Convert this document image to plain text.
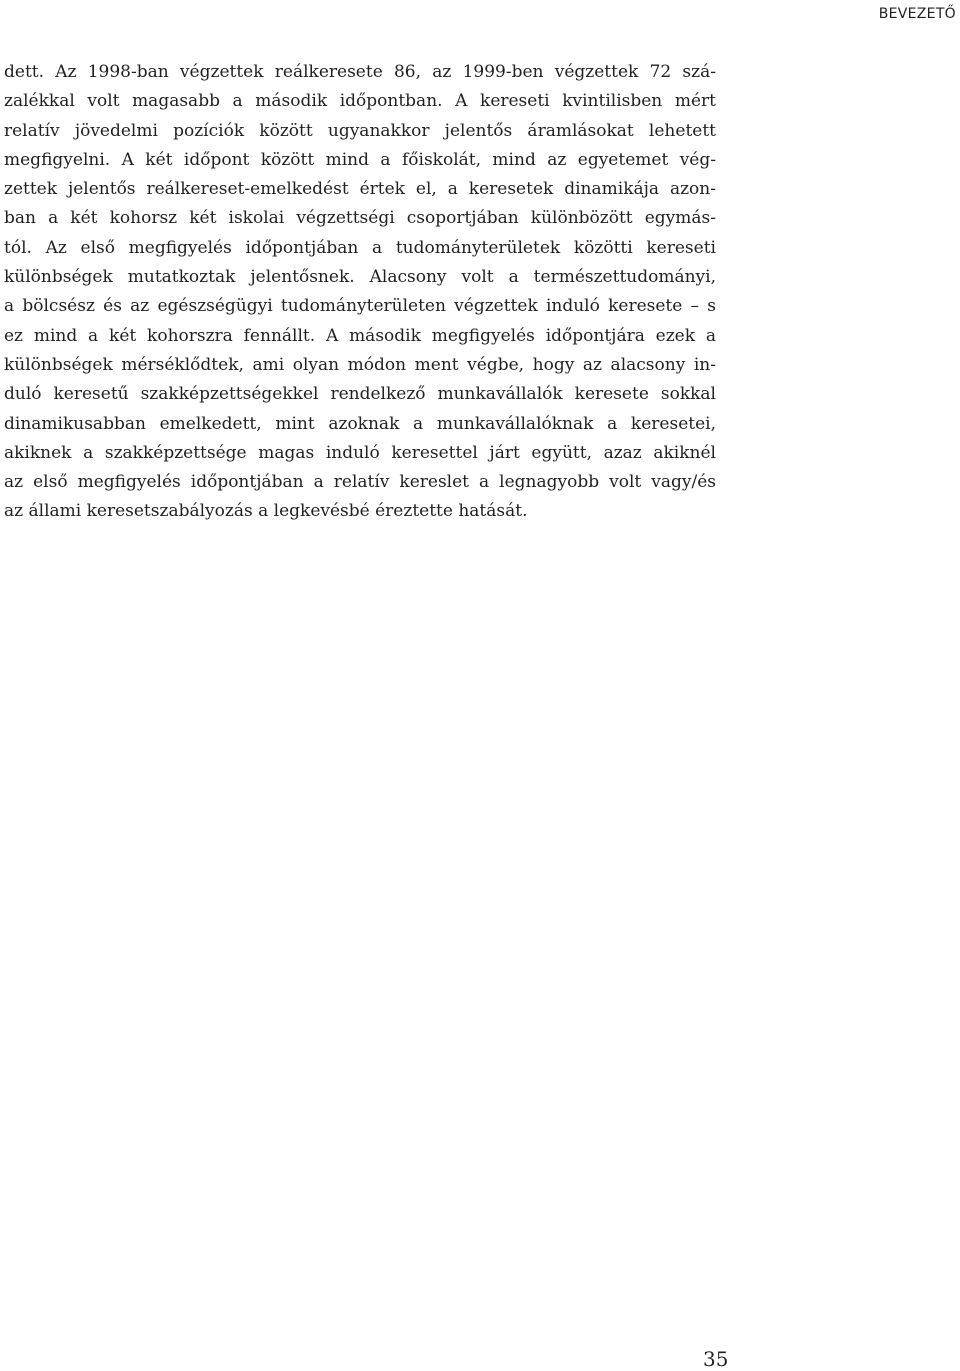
BEVEZETŐ
dett. Az 1998-ban végzettek reálkeresete 86, az 1999-ben végzettek 72 szá-
zalékkal volt magasabb a második időpontban. A kereseti kvintilisben mért
relatív jövedelmi pozíciók között ugyanakkor jelentős áramlásokat lehetett
megfigyelni. A két időpont között mind a főiskolát, mind az egyetemet vég-
zettek jelentős reálkereset-emelkedést értek el, a keresetek dinamikája azon-
ban a két kohorsz két iskolai végzettségi csoportjában különbözött egymás-
tól. Az első megfigyelés időpontjában a tudományterületek közötti kereseti
különbségek mutatkoztak jelentősnek. Alacsony volt a természettudományi,
a bölcsész és az egészségügyi tudományterületen végzettek induló keresete – s
ez mind a két kohorszra fennállt. A második megfigyelés időpontjára ezek a
különbségek mérséklődtek, ami olyan módon ment végbe, hogy az alacsony in-
duló keresetű szakképzettségekkel rendelkező munkavállalók keresete sokkal
dinamikusabban emelkedett, mint azoknak a munkavállalóknak a keresetei,
akiknek a szakképzettsége magas induló keresettel járt együtt, azaz akiknél
az első megfigyelés időpontjában a relatív kereslet a legnagyobb volt vagy/és
az állami keresetszabályozás a legkevésbé éreztette hatását.
35
